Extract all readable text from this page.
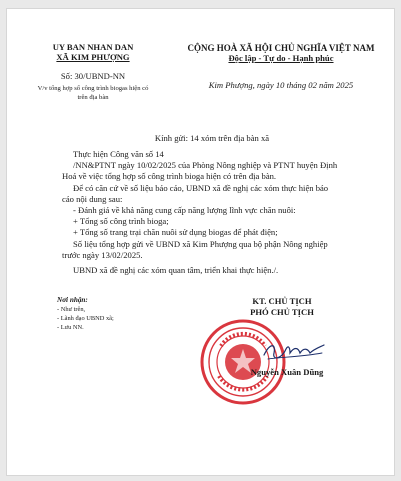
UY BAN NHAN DAN
XÃ KIM PHƯỢNG
Số: 30/UBND-NN
V/v tổng hợp số công trình biogas hiện có
trên địa bàn
CỘNG HOÀ XÃ HỘI CHỦ NGHĨA VIỆT NAM
Độc lập - Tự do - Hạnh phúc
Kim Phượng, ngày 10 tháng 02 năm 2025
Kính gửi: 14 xóm trên địa bàn xã
Thực hiện Công văn số 14
/NN&PTNT ngày 10/02/2025 của Phòng Nông nghiệp và PTNT huyện Định
Hoá về việc tổng hợp số công trình bioga hiện có trên địa bàn.
Để có căn cứ về số liệu báo cáo, UBND xã đề nghị các xóm thực hiện báo
cáo nội dung sau:
- Đánh giá về khả năng cung cấp năng lượng lĩnh vực chăn nuôi:
+ Tổng số công trình bioga;
+ Tổng số trang trại chăn nuôi sử dụng biogas để phát điện;
Số liệu tổng hợp gửi về UBND xã Kim Phượng qua bộ phận Nông nghiệp
trước ngày 13/02/2025.
UBND xã đề nghị các xóm quan tâm, triển khai thực hiện./.
Nơi nhận:
- Như trên,
- Lãnh đạo UBND xã;
- Lưu NN.
KT. CHỦ TỊCH
PHÓ CHỦ TỊCH
Nguyễn Xuân Dũng
